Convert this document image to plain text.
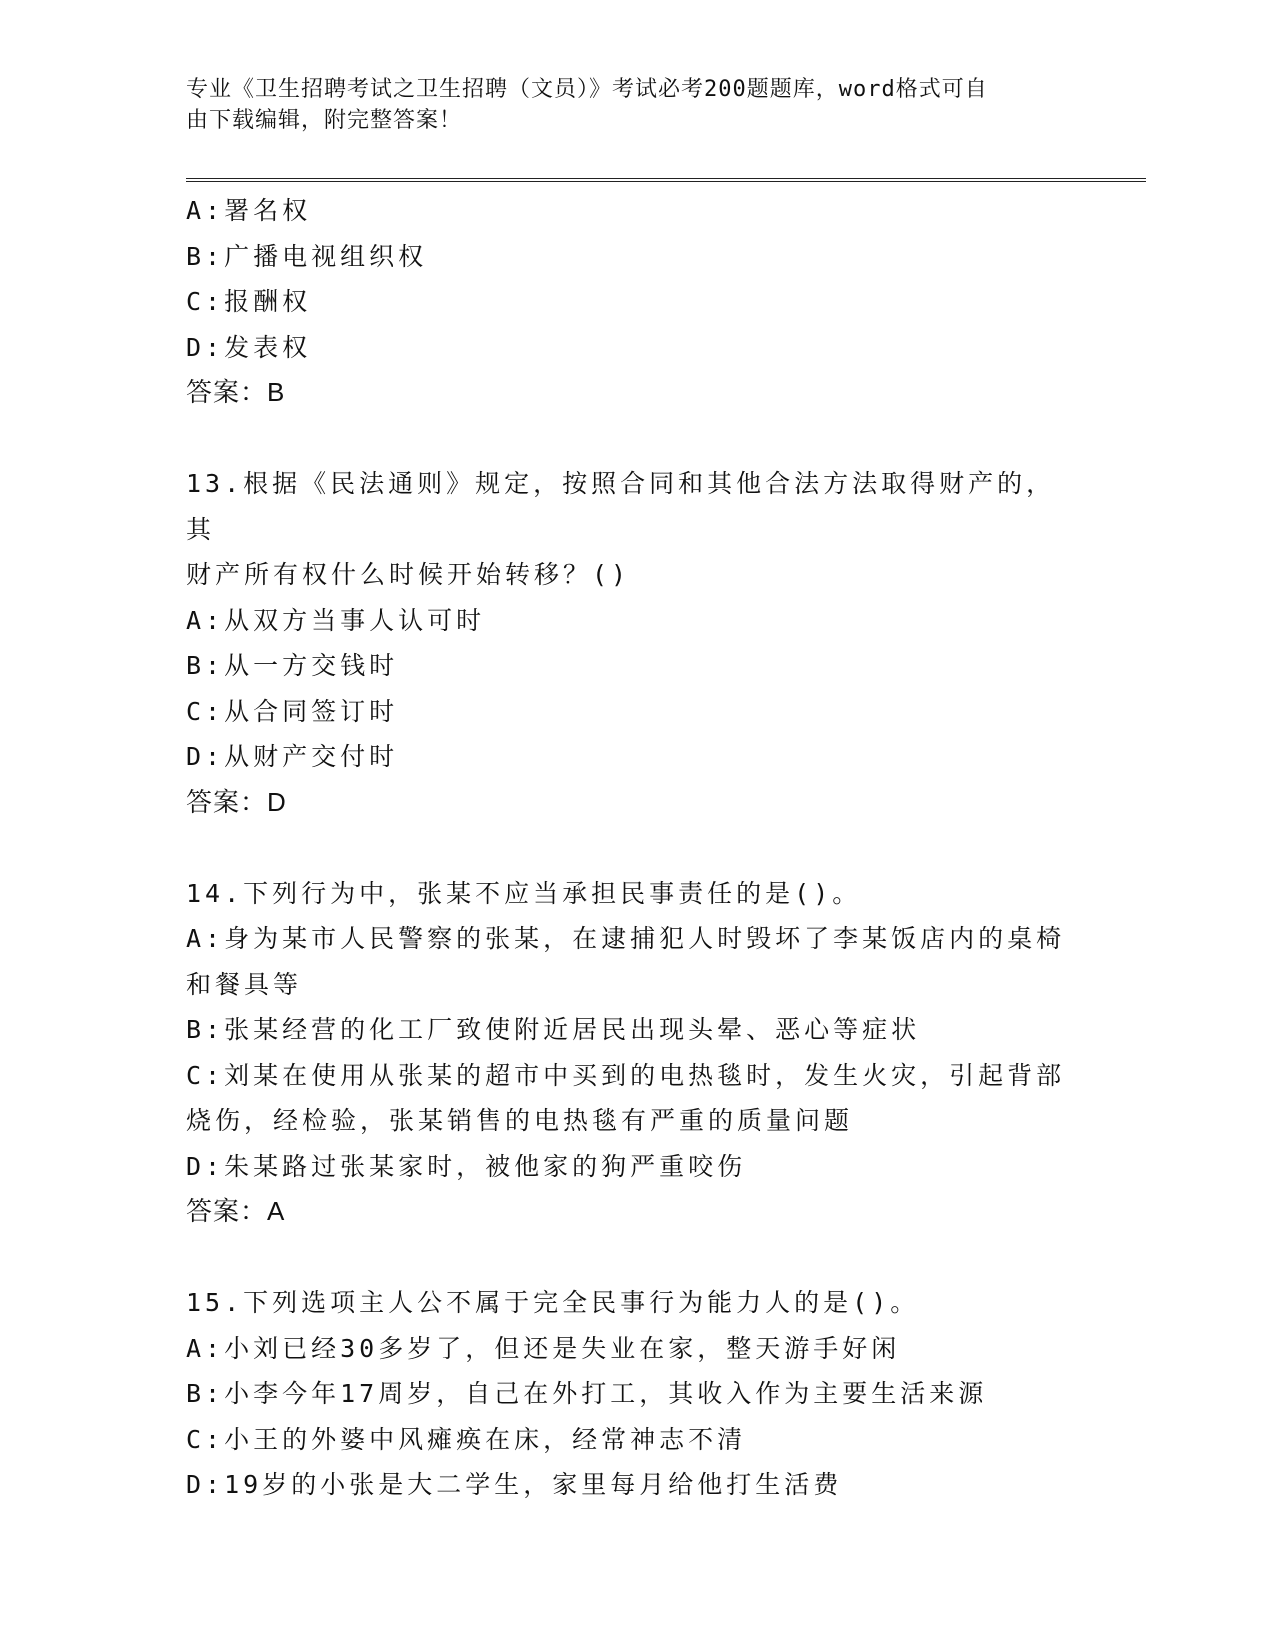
专业《卫生招聘考试之卫生招聘（文员）》考试必考200题题库，word格式可自
由下载编辑，附完整答案！
A:署名权
B:广播电视组织权
C:报酬权
D:发表权
答案：B
13.根据《民法通则》规定，按照合同和其他合法方法取得财产的，其
财产所有权什么时候开始转移？()
A:从双方当事人认可时
B:从一方交钱时
C:从合同签订时
D:从财产交付时
答案：D
14.下列行为中，张某不应当承担民事责任的是()。
A:身为某市人民警察的张某，在逮捕犯人时毁坏了李某饭店内的桌椅
和餐具等
B:张某经营的化工厂致使附近居民出现头晕、恶心等症状
C:刘某在使用从张某的超市中买到的电热毯时，发生火灾，引起背部
烧伤，经检验，张某销售的电热毯有严重的质量问题
D:朱某路过张某家时，被他家的狗严重咬伤
答案：A
15.下列选项主人公不属于完全民事行为能力人的是()。
A:小刘已经30多岁了，但还是失业在家，整天游手好闲
B:小李今年17周岁，自己在外打工，其收入作为主要生活来源
C:小王的外婆中风瘫痪在床，经常神志不清
D:19岁的小张是大二学生，家里每月给他打生活费
